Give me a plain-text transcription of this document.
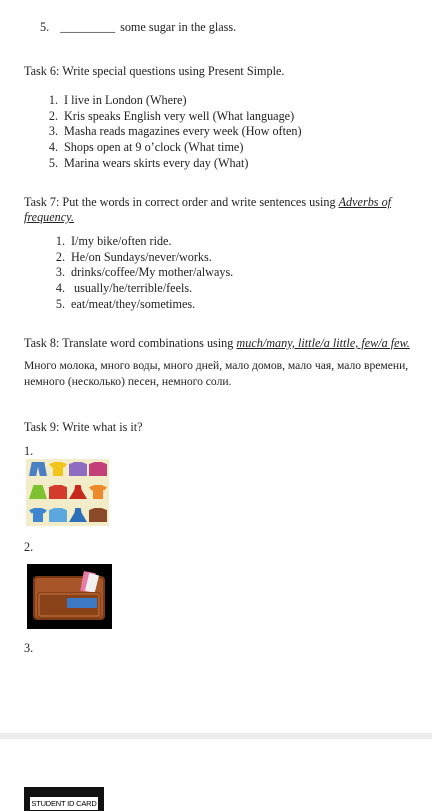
5. _________ some sugar in the glass.
Task 6: Write special questions using Present Simple.
1. I live in London (Where)
2. Kris speaks English very well (What language)
3. Masha reads magazines every week (How often)
4. Shops open at 9 o’clock (What time)
5. Marina wears skirts every day (What)
Task 7: Put the words in correct order and write sentences using Adverbs of
frequency.
1. I/my bike/often ride.
2. He/on Sundays/never/works.
3. drinks/coffee/My mother/always.
4. usually/he/terrible/feels.
5. eat/meat/they/sometimes.
Task 8: Translate word combinations using much/many, little/a little, few/a few.
Много молока, много воды, много дней, мало домов, мало чая, мало времени,
немного (несколько) песен, немного соли.
Task 9: Write what is it?
1.
2.
3.
STUDENT ID CARD
